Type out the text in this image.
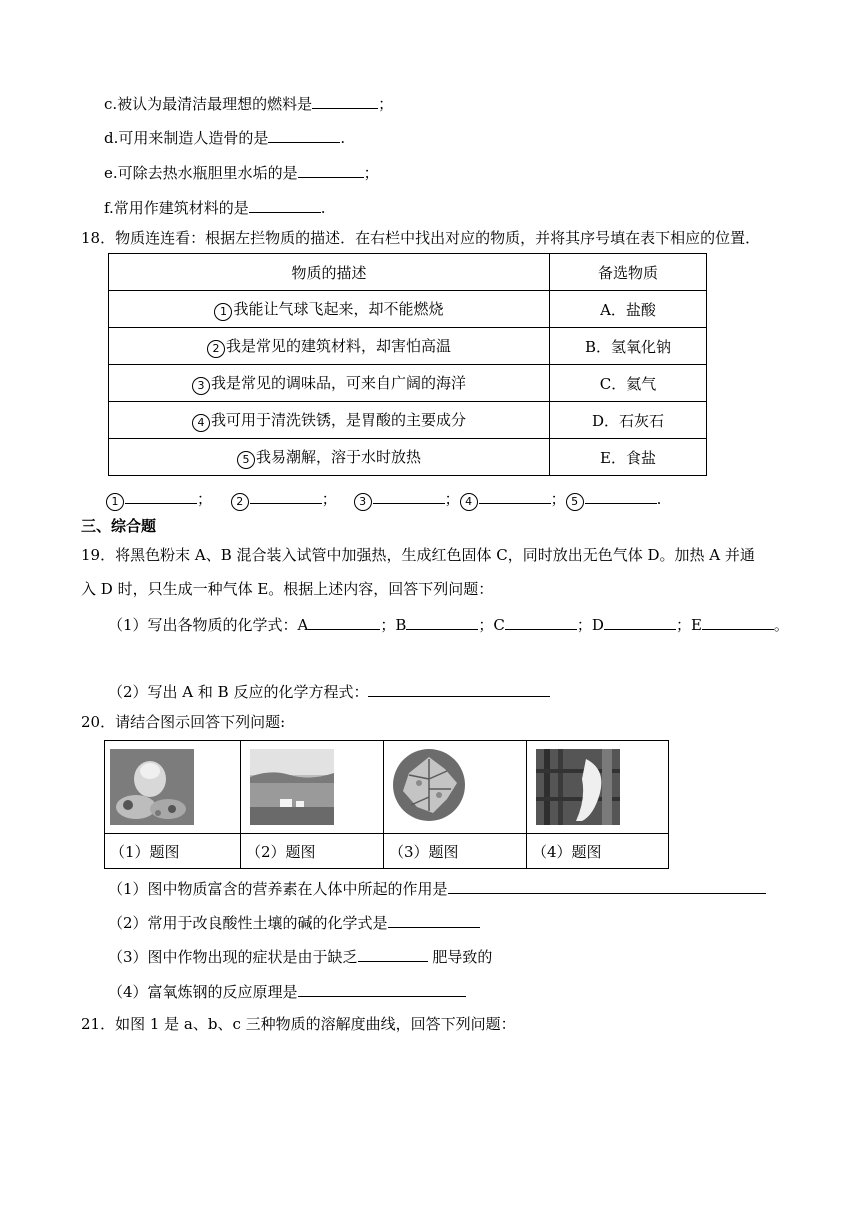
c.被认为最清洁最理想的燃料是	；
d.可用来制造人造骨的是	.
e.可除去热水瓶胆里水垢的是	；
f.常用作建筑材料的是	.
18．物质连连看：根据左拦物质的描述．在右栏中找出对应的物质，并将其序号填在表下相应的位置．
物质的描述	备选物质
1 我能让气球飞起来，却不能燃烧	A．盐酸
2 我是常见的建筑材料，却害怕高温	B．氢氧化钠
3 我是常见的调味品，可来自广阔的海洋	C．氦气
4 我可用于清洗铁锈，是胃酸的主要成分	D．石灰石
5 我易潮解，溶于水时放热	E．食盐
1	； 2	； 3	； 4	； 5	.
三、综合题
19．将黑色粉末 A、B 混合装入试管中加强热，生成红色固体 C，同时放出无色气体 D。加热 A 并通
入 D 时，只生成一种气体 E。根据上述内容，回答下列问题：
（1）写出各物质的化学式：A	；B	；C	；D	；E	。
（2）写出 A 和 B 反应的化学方程式：
20．请结合图示回答下列问题:

（1）题图	（2）题图	（3）题图	（4）题图
（1）图中物质富含的营养素在人体中所起的作用是
（2）常用于改良酸性土壤的碱的化学式是
（3）图中作物出现的症状是由于缺乏	肥导致的
（4）富氧炼钢的反应原理是
21．如图 1 是 a、b、c 三种物质的溶解度曲线，回答下列问题：
